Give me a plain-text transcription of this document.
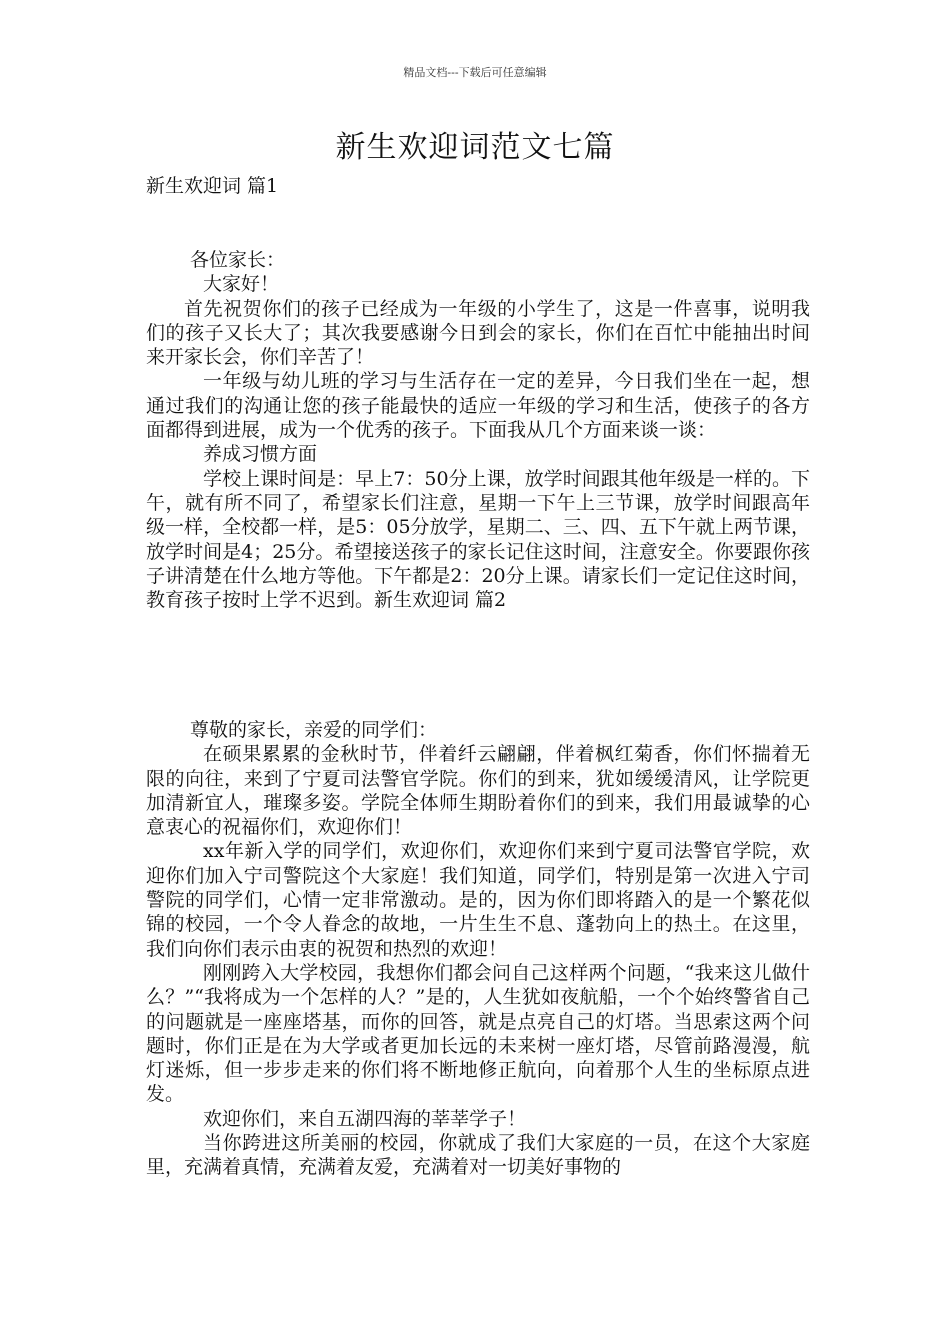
精品文档---下载后可任意编辑
新生欢迎词范文七篇
新生欢迎词 篇1

各位家长：

大家好！

首先祝贺你们的孩子已经成为一年级的小学生了，这是一件喜事，说明我们的孩子又长大了；其次我要感谢今日到会的家长，你们在百忙中能抽出时间来开家长会，你们辛苦了！

一年级与幼儿班的学习与生活存在一定的差异，今日我们坐在一起，想通过我们的沟通让您的孩子能最快的适应一年级的学习和生活，使孩子的各方面都得到进展，成为一个优秀的孩子。下面我从几个方面来谈一谈：

养成习惯方面

学校上课时间是：早上7：50分上课，放学时间跟其他年级是一样的。下午，就有所不同了，希望家长们注意，星期一下午上三节课，放学时间跟高年级一样，全校都一样，是5：05分放学，星期二、三、四、五下午就上两节课，放学时间是4；25分。希望接送孩子的家长记住这时间，注意安全。你要跟你孩子讲清楚在什么地方等他。下午都是2：20分上课。请家长们一定记住这时间，教育孩子按时上学不迟到。新生欢迎词 篇2

尊敬的家长，亲爱的同学们：

在硕果累累的金秋时节，伴着纤云翩翩，伴着枫红菊香，你们怀揣着无限的向往，来到了宁夏司法警官学院。你们的到来，犹如缓缓清风，让学院更加清新宜人，璀璨多姿。学院全体师生期盼着你们的到来，我们用最诚挚的心意衷心的祝福你们，欢迎你们！

xx年新入学的同学们，欢迎你们，欢迎你们来到宁夏司法警官学院，欢迎你们加入宁司警院这个大家庭！我们知道，同学们，特别是第一次进入宁司警院的同学们，心情一定非常激动。是的，因为你们即将踏入的是一个繁花似锦的校园，一个令人眷念的故地，一片生生不息、蓬勃向上的热土。在这里，我们向你们表示由衷的祝贺和热烈的欢迎！

刚刚跨入大学校园，我想你们都会问自己这样两个问题，“我来这儿做什么？”“我将成为一个怎样的人？”是的，人生犹如夜航船，一个个始终警省自己的问题就是一座座塔基，而你的回答，就是点亮自己的灯塔。当思索这两个问题时，你们正是在为大学或者更加长远的未来树一座灯塔，尽管前路漫漫，航灯迷烁，但一步步走来的你们将不断地修正航向，向着那个人生的坐标原点进发。

欢迎你们，来自五湖四海的莘莘学子！

当你跨进这所美丽的校园，你就成了我们大家庭的一员，在这个大家庭里，充满着真情，充满着友爱，充满着对一切美好事物的
